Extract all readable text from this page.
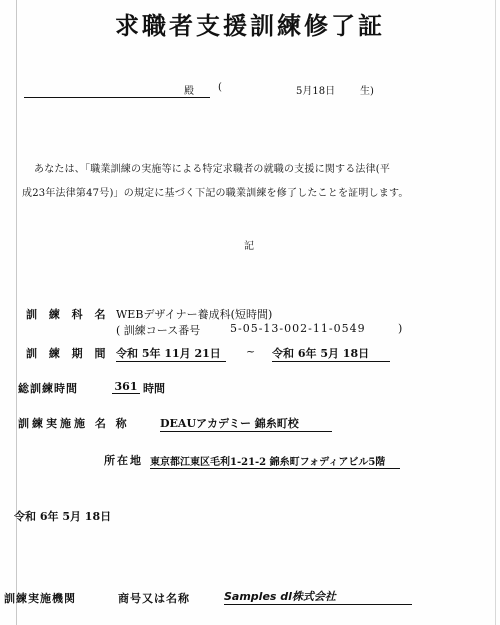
求職者支援訓練修了証
殿 (	5月18日 生)
あなたは、「職業訓練の実施等による特定求職者の就職の支援に関する法律(平
成23年法律第47号)」の規定に基づく下記の職業訓練を修了したことを証明します。
記
訓 練 科 名 WEBデザイナー養成科(短時間)
( 訓練コース番号	5-05-13-002-11-0549	)
訓 練 期 間 令和 5年 11月 21日	~ 令和 6年 5月 18日
総訓練時間	361 時間
訓練実施施 名 称	DEAUアカデミー 錦糸町校
所在地 東京都江東区毛利1-21-2 錦糸町フォディアビル5階
令和 6年 5月 18日
訓練実施機関	商号又は名称	Samples dl株式会社
